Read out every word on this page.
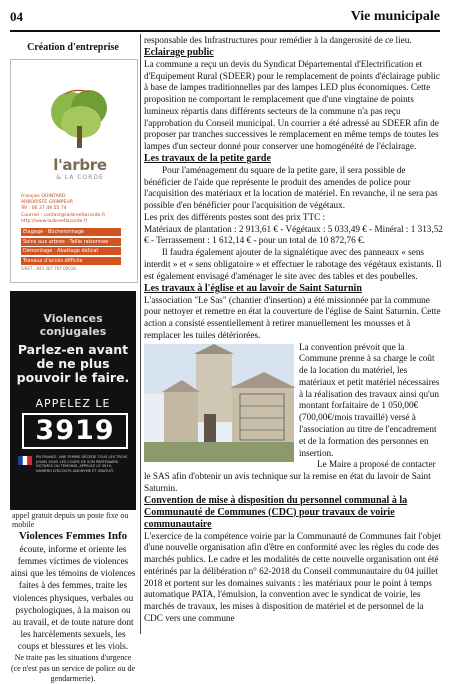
04	Vie municipale
Création d'entreprise
l'arbre
& LA CORDE
François QUINTARD
ARBORISTE GRIMPEUR
Tél : 06 37 49 55 74
Courriel : contact@larbreetlacorde.fr
http://www.larbreetlacorde.fr
Elagage · Bûcheronnage
Soins aux arbres · Taille raisonnée
Démontage · Abattage délicat
Travaux d'accès difficile
SIRET : 844 307 767 00018
Violences conjugales
Parlez-en avant de ne plus pouvoir le faire.
APPELEZ LE
3919
EN FRANCE, UNE FEMME DÉCÈDE TOUS LES TROIS JOURS SOUS LES COUPS DE SON PARTENAIRE. VICTIMES OU TÉMOINS, APPELEZ LE 3919, NUMÉRO D'ÉCOUTE ANONYME ET GRATUIT.
appel gratuit depuis un poste fixe ou mobile
Violences Femmes Info
écoute, informe et oriente les femmes victimes de violences ainsi que les témoins de violences faites à des femmes, traite les violences physiques, verbales ou psychologiques, à la maison ou au travail, et de toute nature dont les harcèlements sexuels, les coups et blessures et les viols.
Ne traite pas les situations d'urgence (ce n'est pas un service de police ou de gendarmerie).

responsable des Infrastructures pour remédier à la dangerosité de ce lieu.

Eclairage public

La commune a reçu un devis du Syndicat Départemental d'Electrification et d'Equipement Rural (SDEER) pour le remplacement de points d'éclairage public à base de lampes traditionnelles par des lampes LED plus économiques. Cette proposition ne comportant le remplacement que d'une vingtaine de points lumineux répartis dans différents secteurs de la commune n'a pas reçu l'approbation du Conseil municipal. Un courrier a été adressé au SDEER afin de proposer par tranches successives le remplacement en même temps de toutes les lampes d'un secteur donné pour conserver une homogénéité de l'éclairage.

Les travaux de la petite garde

Pour l'aménagement du square de la petite gare, il sera possible de bénéficier de l'aide que représente le produit des amendes de police pour l'acquisition des matériaux et la location de matériel. En revanche, il ne sera pas possible d'en bénéficier pour l'acquisition de végétaux.

Les prix des différents postes sont des prix TTC :

Matériaux de plantation : 2 913,61 € - Végétaux : 5 033,49 € - Minéral : 1 313,52 € - Terrassement : 1 612,14 € - pour un total de 10 872,76 €.

Il faudra également ajouter de la signalétique avec des panneaux « sens interdit » et « sens obligatoire » et effectuer le rabotage des végétaux existants. Il est également envisagé d'aménager le site avec des tables et des poubelles.

Les travaux à l'église et au lavoir de Saint Saturnin

L'association "Le Sas" (chantier d'insertion) a été missionnée par la commune pour nettoyer et remettre en état la couverture de l'église de Saint Saturnin. Cette action a consisté essentiellement à retirer manuellement les mousses et à remplacer les tuiles détériorées.

La convention prévoit que la Commune prenne à sa charge le coût de la location du matériel, les matériaux et petit matériel nécessaires à la réalisation des travaux ainsi qu'un montant forfaitaire de 1 050,00€ (700,00€/mois travaillé) versé à l'association au titre de l'encadrement et de la formation des personnes en insertion.

Le Maire a proposé de contacter le SAS afin d'obtenir un avis technique sur la remise en état du lavoir de Saint Saturnin.

Convention de mise à disposition du personnel communal à la Communauté de Communes (CDC) pour travaux de voirie communautaire

L'exercice de la compétence voirie par la Communauté de Communes fait l'objet d'une nouvelle organisation afin d'être en conformité avec les règles du code des marchés publics. Le cadre et les modalités de cette nouvelle organisation ont été entérinés par la délibération n° 62-2018 du Conseil communautaire du 04 juillet 2018 et portent sur les domaines suivants : les matériaux pour le point à temps automatique PATA, l'émulsion, la convention avec le syndicat de voirie, les marchés de travaux, les mises à disposition de matériel et de personnel de la CDC vers une commune
